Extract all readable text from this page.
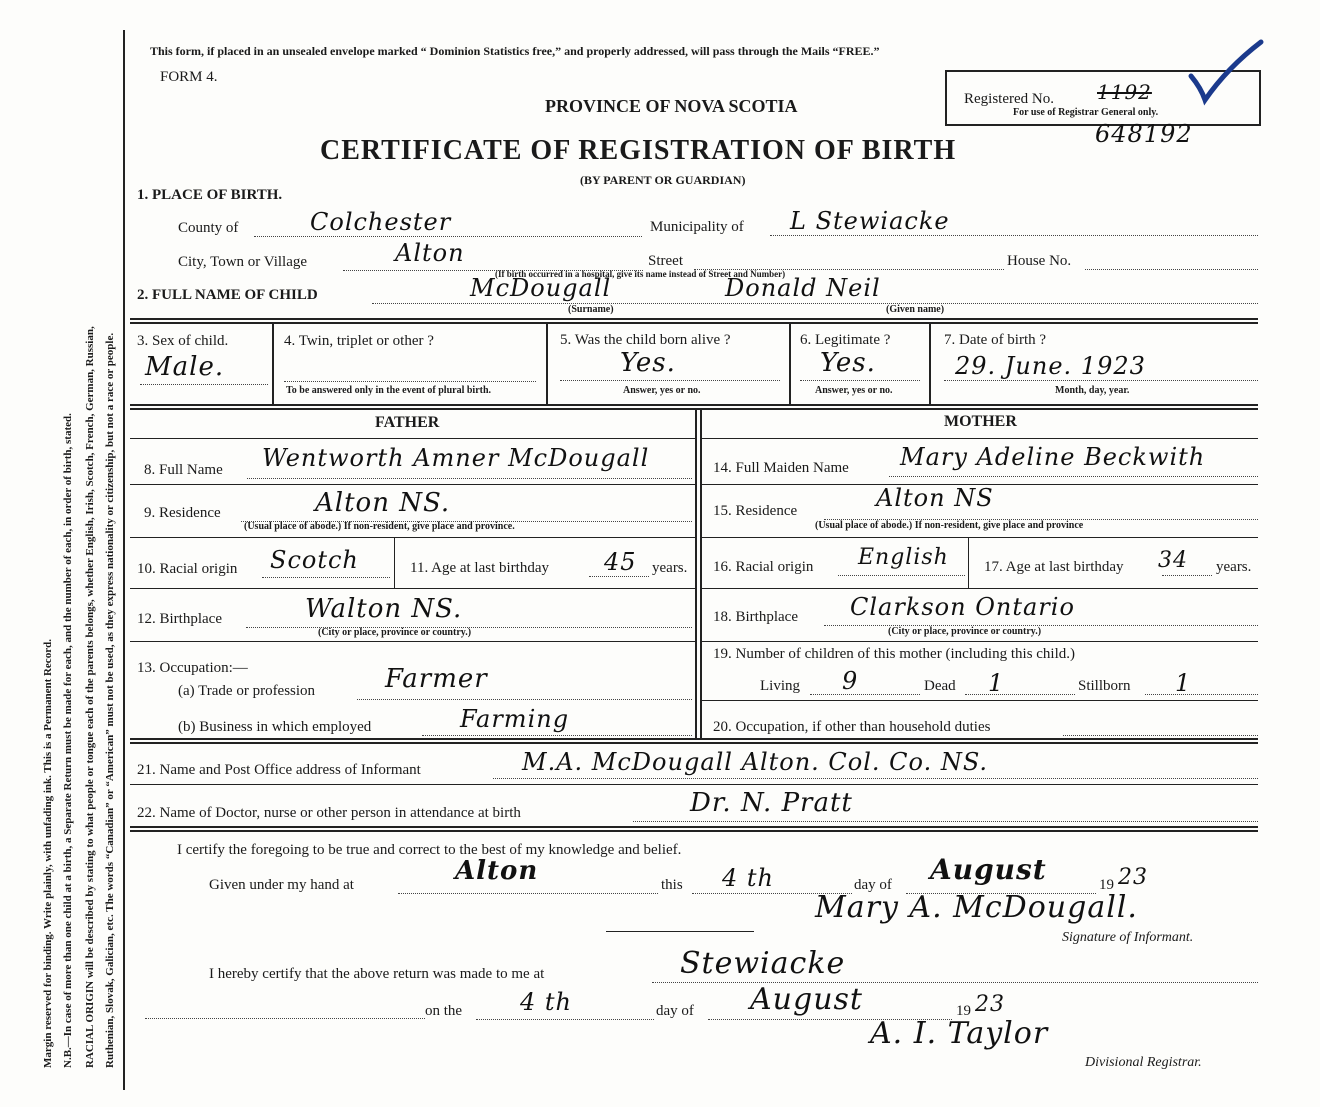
Margin reserved for binding. Write plainly, with unfading ink. This is a Permanent Record. N.B.—In case of more than one child at a birth, a Separate Return must be made for each, and the number of each, in order of birth, stated. RACIAL ORIGIN will be described by stating to what people or tongue each of the parents belongs, whether English, Irish, Scotch, French, German, Russian, Ruthenian, Slovak, Galician, etc. The words “Canadian” or “American” must not be used, as they express nationality or citizenship, but not a race or people.
This form, if placed in an unsealed envelope marked “ Dominion Statistics free,” and properly addressed, will pass through the Mails “FREE.”
FORM 4.
PROVINCE OF NOVA SCOTIA
CERTIFICATE OF REGISTRATION OF BIRTH
(BY PARENT OR GUARDIAN)
Registered No. 1192
For use of Registrar General only.
648192
1. PLACE OF BIRTH.
County of	Colchester	Municipality of L Stewiacke
City, Town or Village	Alton	Street	House No.
(If birth occurred in a hospital, give its name instead of Street and Number)
2. FULL NAME OF CHILD	McDougall	Donald Neil
(Surname)	(Given name)
3. Sex of child.
Male.
4. Twin, triplet or other ?
To be answered only in the event of plural birth.
5. Was the child born alive ?
Yes.
Answer, yes or no.
6. Legitimate ?
Yes.
Answer, yes or no.
7. Date of birth ?
29. June. 1923
Month, day, year.
FATHER	MOTHER
8. Full Name Wentworth Amner McDougall	14. Full Maiden Name Mary Adeline Beckwith
9. Residence	Alton NS.
(Usual place of abode.) If non-resident, give place and province.
15. Residence	Alton NS
(Usual place of abode.) If non-resident, give place and province
10. Racial origin Scotch	11. Age at last birthday 45 years. 16. Racial origin English 17. Age at last birthday 34 years.
12. Birthplace	Walton NS.
(City or place, province or country.)
18. Birthplace Clarkson Ontario
(City or place, province or country.)
13. Occupation:—
(a) Trade or profession	Farmer
(b) Business in which employed	Farming
19. Number of children of this mother (including this child.)
Living 9	Dead 1	Stillborn 1
20. Occupation, if other than household duties
21. Name and Post Office address of Informant	M.A. McDougall Alton. Col. Co. NS.
22. Name of Doctor, nurse or other person in attendance at birth	Dr. N. Pratt
I certify the foregoing to be true and correct to the best of my knowledge and belief.
Given under my hand at	Alton	this 4 th	day of August	19 23
Mary A. McDougall.
Signature of Informant.
I hereby certify that the above return was made to me at	Stewiacke
on the 4 th	day of August	19 23
A. I. Taylor
Divisional Registrar.
